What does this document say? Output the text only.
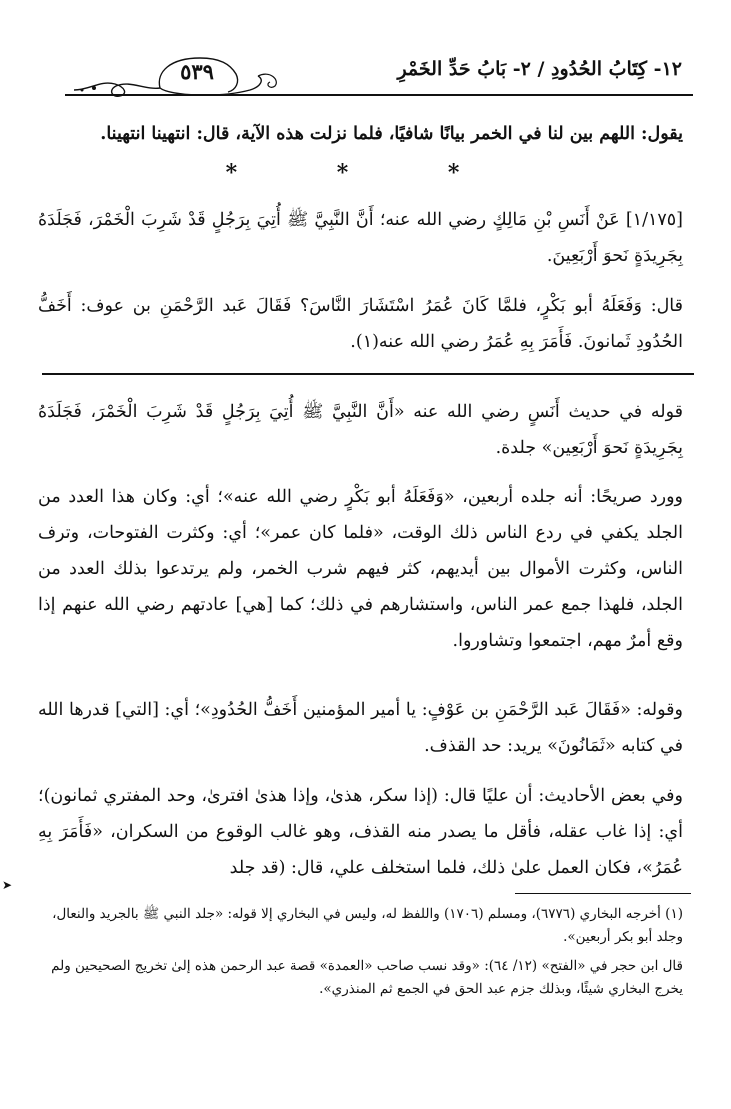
٥٣٩	١٢- كِتَابُ الحُدُودِ / ٢- بَابُ حَدِّ الخَمْرِ
يقول: اللهم بين لنا في الخمر بيانًا شافيًا، فلما نزلت هذه الآية، قال: انتهينا انتهينا.
* * *
[١/١٧٥] عَنْ أَنَسِ بْنِ مَالِكٍ رضي الله عنه؛ أَنَّ النَّبِيَّ ﷺ أُتِيَ بِرَجُلٍ قَدْ شَرِبَ الْخَمْرَ، فَجَلَدَهُ بِجَرِيدَةٍ نَحوَ أَرْبَعِينَ.
قال: وَفَعَلَهُ أبو بَكْرٍ، فلمَّا كَانَ عُمَرُ اسْتَشَارَ النَّاسَ؟ فَقَالَ عَبد الرَّحْمَنِ بن عوف: أَخَفُّ الحُدُودِ ثَمانونَ. فَأَمَرَ بِهِ عُمَرُ رضي الله عنه(١).
قوله في حديث أَنَسٍ رضي الله عنه «أَنَّ النَّبِيَّ ﷺ أُتِيَ بِرَجُلٍ قَدْ شَرِبَ الْخَمْرَ، فَجَلَدَهُ بِجَرِيدَةٍ نَحوَ أَرْبَعِين» جلدة.
وورد صريحًا: أنه جلده أربعين، «وَفَعَلَهُ أبو بَكْرٍ رضي الله عنه»؛ أي: وكان هذا العدد من الجلد يكفي في ردع الناس ذلك الوقت، «فلما كان عمر»؛ أي: وكثرت الفتوحات، وترف الناس، وكثرت الأموال بين أيديهم، كثر فيهم شرب الخمر، ولم يرتدعوا بذلك العدد من الجلد، فلهذا جمع عمر الناس، واستشارهم في ذلك؛ كما [هي] عادتهم رضي الله عنهم إذا وقع أمرٌ مهم، اجتمعوا وتشاوروا.
وقوله: «فَقَالَ عَبد الرَّحْمَنِ بن عَوْفٍ: يا أمير المؤمنين أَخَفُّ الحُدُودِ»؛ أي: [التي] قدرها الله في كتابه «ثَمَانُونَ» يريد: حد القذف.
وفي بعض الأحاديث: أن عليًا قال: (إذا سكر، هذىٰ، وإذا هذىٰ افترىٰ، وحد المفتري ثمانون)؛ أي: إذا غاب عقله، فأقل ما يصدر منه القذف، وهو غالب الوقوع من السكران، «فَأَمَرَ بِهِ عُمَرُ»، فكان العمل علىٰ ذلك، فلما استخلف علي، قال: (قد جلد
➤
(١) أخرجه البخاري (٦٧٧٦)، ومسلم (١٧٠٦) واللفظ له، وليس في البخاري إلا قوله: «جلد النبي ﷺ بالجريد والنعال، وجلد أبو بكر أربعين».
قال ابن حجر في «الفتح» (١٢/ ٦٤): «وقد نسب صاحب «العمدة» قصة عبد الرحمن هذه إلىٰ تخريج الصحيحين ولم يخرج البخاري شيئًا، وبذلك جزم عبد الحق في الجمع ثم المنذري».
